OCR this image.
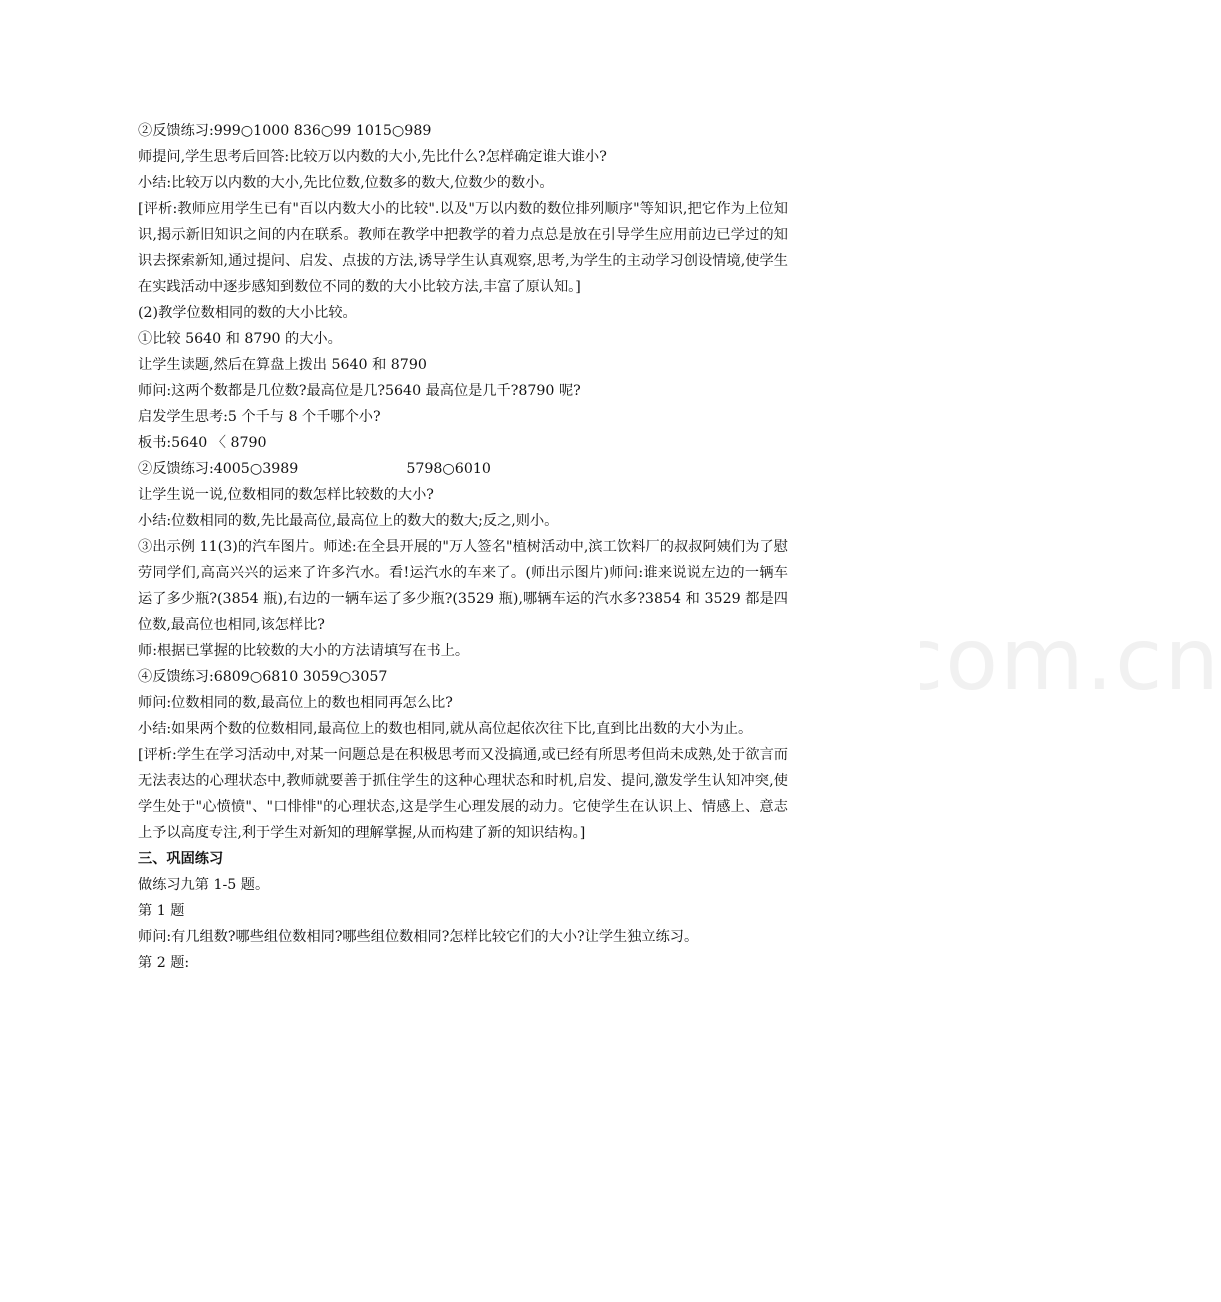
www.zixin.com.cn
②反馈练习:999○1000 836○99 1015○989
师提问,学生思考后回答:比较万以内数的大小,先比什么?怎样确定谁大谁小?
小结:比较万以内数的大小,先比位数,位数多的数大,位数少的数小。
[评析:教师应用学生已有"百以内数大小的比较".以及"万以内数的数位排列顺序"等知识,把它作为上位知识,揭示新旧知识之间的内在联系。教师在教学中把教学的着力点总是放在引导学生应用前边已学过的知识去探索新知,通过提问、启发、点拔的方法,诱导学生认真观察,思考,为学生的主动学习创设情境,使学生在实践活动中逐步感知到数位不同的数的大小比较方法,丰富了原认知。]
(2)教学位数相同的数的大小比较。
①比较 5640 和 8790 的大小。
让学生读题,然后在算盘上拨出 5640 和 8790
师问:这两个数都是几位数?最高位是几?5640 最高位是几千?8790 呢?
启发学生思考:5 个千与 8 个千哪个小?
板书:5640 〈 8790
②反馈练习:4005○3989	5798○6010
让学生说一说,位数相同的数怎样比较数的大小?
小结:位数相同的数,先比最高位,最高位上的数大的数大;反之,则小。
③出示例 11(3)的汽车图片。师述:在全县开展的"万人签名"植树活动中,滨工饮料厂的叔叔阿姨们为了慰劳同学们,高高兴兴的运来了许多汽水。看!运汽水的车来了。(师出示图片)师问:谁来说说左边的一辆车运了多少瓶?(3854 瓶),右边的一辆车运了多少瓶?(3529 瓶),哪辆车运的汽水多?3854 和 3529 都是四位数,最高位也相同,该怎样比?
师:根据已掌握的比较数的大小的方法请填写在书上。
④反馈练习:6809○6810 3059○3057
师问:位数相同的数,最高位上的数也相同再怎么比?
小结:如果两个数的位数相同,最高位上的数也相同,就从高位起依次往下比,直到比出数的大小为止。
[评析:学生在学习活动中,对某一问题总是在积极思考而又没搞通,或已经有所思考但尚未成熟,处于欲言而无法表达的心理状态中,教师就要善于抓住学生的这种心理状态和时机,启发、提问,激发学生认知冲突,使学生处于"心愤愤"、"口悱悱"的心理状态,这是学生心理发展的动力。它使学生在认识上、情感上、意志上予以高度专注,利于学生对新知的理解掌握,从而构建了新的知识结构。]
三、巩固练习
做练习九第 1-5 题。
第 1 题
师问:有几组数?哪些组位数相同?哪些组位数相同?怎样比较它们的大小?让学生独立练习。
第 2 题:
